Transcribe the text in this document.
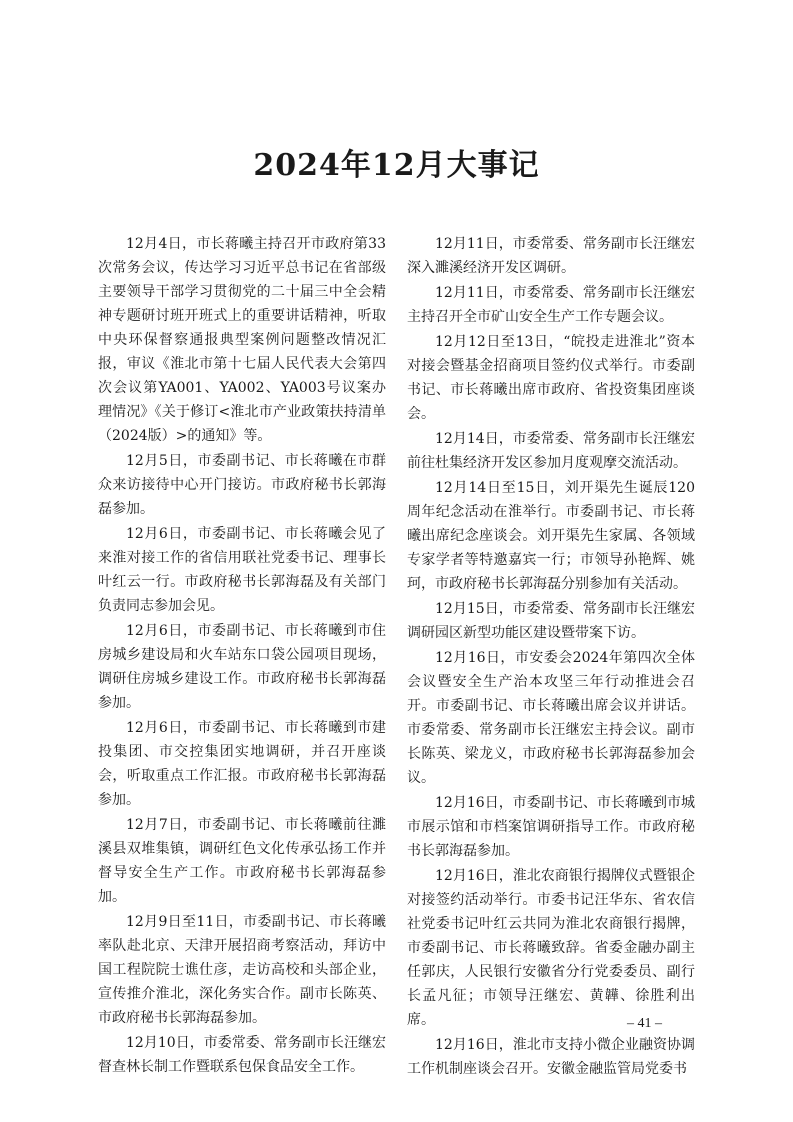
2024年12月大事记

12月4日，市长蒋曦主持召开市政府第33次常务会议，传达学习习近平总书记在省部级主要领导干部学习贯彻党的二十届三中全会精神专题研讨班开班式上的重要讲话精神，听取中央环保督察通报典型案例问题整改情况汇报，审议《淮北市第十七届人民代表大会第四次会议第YA001、YA002、YA003号议案办理情况》《关于修订<淮北市产业政策扶持清单（2024版）>的通知》等。

12月5日，市委副书记、市长蒋曦在市群众来访接待中心开门接访。市政府秘书长郭海磊参加。

12月6日，市委副书记、市长蒋曦会见了来淮对接工作的省信用联社党委书记、理事长叶红云一行。市政府秘书长郭海磊及有关部门负责同志参加会见。

12月6日，市委副书记、市长蒋曦到市住房城乡建设局和火车站东口袋公园项目现场，调研住房城乡建设工作。市政府秘书长郭海磊参加。

12月6日，市委副书记、市长蒋曦到市建投集团、市交控集团实地调研，并召开座谈会，听取重点工作汇报。市政府秘书长郭海磊参加。

12月7日，市委副书记、市长蒋曦前往濉溪县双堆集镇，调研红色文化传承弘扬工作并督导安全生产工作。市政府秘书长郭海磊参加。

12月9日至11日，市委副书记、市长蒋曦率队赴北京、天津开展招商考察活动，拜访中国工程院院士谯仕彦，走访高校和头部企业，宣传推介淮北，深化务实合作。副市长陈英、市政府秘书长郭海磊参加。

12月10日，市委常委、常务副市长汪继宏督查林长制工作暨联系包保食品安全工作。

12月11日，市委常委、常务副市长汪继宏深入濉溪经济开发区调研。

12月11日，市委常委、常务副市长汪继宏主持召开全市矿山安全生产工作专题会议。

12月12日至13日，“皖投走进淮北”资本对接会暨基金招商项目签约仪式举行。市委副书记、市长蒋曦出席市政府、省投资集团座谈会。

12月14日，市委常委、常务副市长汪继宏前往杜集经济开发区参加月度观摩交流活动。

12月14日至15日，刘开渠先生诞辰120周年纪念活动在淮举行。市委副书记、市长蒋曦出席纪念座谈会。刘开渠先生家属、各领域专家学者等特邀嘉宾一行；市领导孙艳辉、姚珂，市政府秘书长郭海磊分别参加有关活动。

12月15日，市委常委、常务副市长汪继宏调研园区新型功能区建设暨带案下访。

12月16日，市安委会2024年第四次全体会议暨安全生产治本攻坚三年行动推进会召开。市委副书记、市长蒋曦出席会议并讲话。市委常委、常务副市长汪继宏主持会议。副市长陈英、梁龙义，市政府秘书长郭海磊参加会议。

12月16日，市委副书记、市长蒋曦到市城市展示馆和市档案馆调研指导工作。市政府秘书长郭海磊参加。

12月16日，淮北农商银行揭牌仪式暨银企对接签约活动举行。市委书记汪华东、省农信社党委书记叶红云共同为淮北农商银行揭牌，市委副书记、市长蒋曦致辞。省委金融办副主任郭庆，人民银行安徽省分行党委委员、副行长孟凡征；市领导汪继宏、黄韡、徐胜利出席。

12月16日，淮北市支持小微企业融资协调工作机制座谈会召开。安徽金融监管局党委书

– 41 –
